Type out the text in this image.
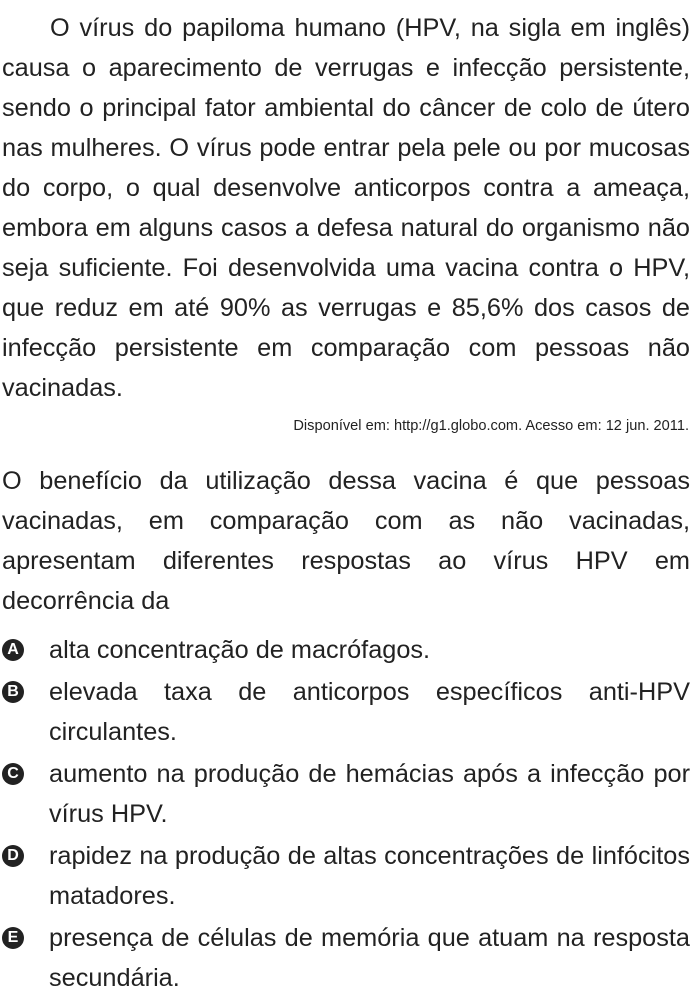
O vírus do papiloma humano (HPV, na sigla em inglês) causa o aparecimento de verrugas e infecção persistente, sendo o principal fator ambiental do câncer de colo de útero nas mulheres. O vírus pode entrar pela pele ou por mucosas do corpo, o qual desenvolve anticorpos contra a ameaça, embora em alguns casos a defesa natural do organismo não seja suficiente. Foi desenvolvida uma vacina contra o HPV, que reduz em até 90% as verrugas e 85,6% dos casos de infecção persistente em comparação com pessoas não vacinadas.

Disponível em: http://g1.globo.com. Acesso em: 12 jun. 2011.

O benefício da utilização dessa vacina é que pessoas vacinadas, em comparação com as não vacinadas, apresentam diferentes respostas ao vírus HPV em decorrência da

A alta concentração de macrófagos.
B elevada taxa de anticorpos específicos anti-HPV circulantes.
C aumento na produção de hemácias após a infecção por vírus HPV.
D rapidez na produção de altas concentrações de linfócitos matadores.
E presença de células de memória que atuam na resposta secundária.
